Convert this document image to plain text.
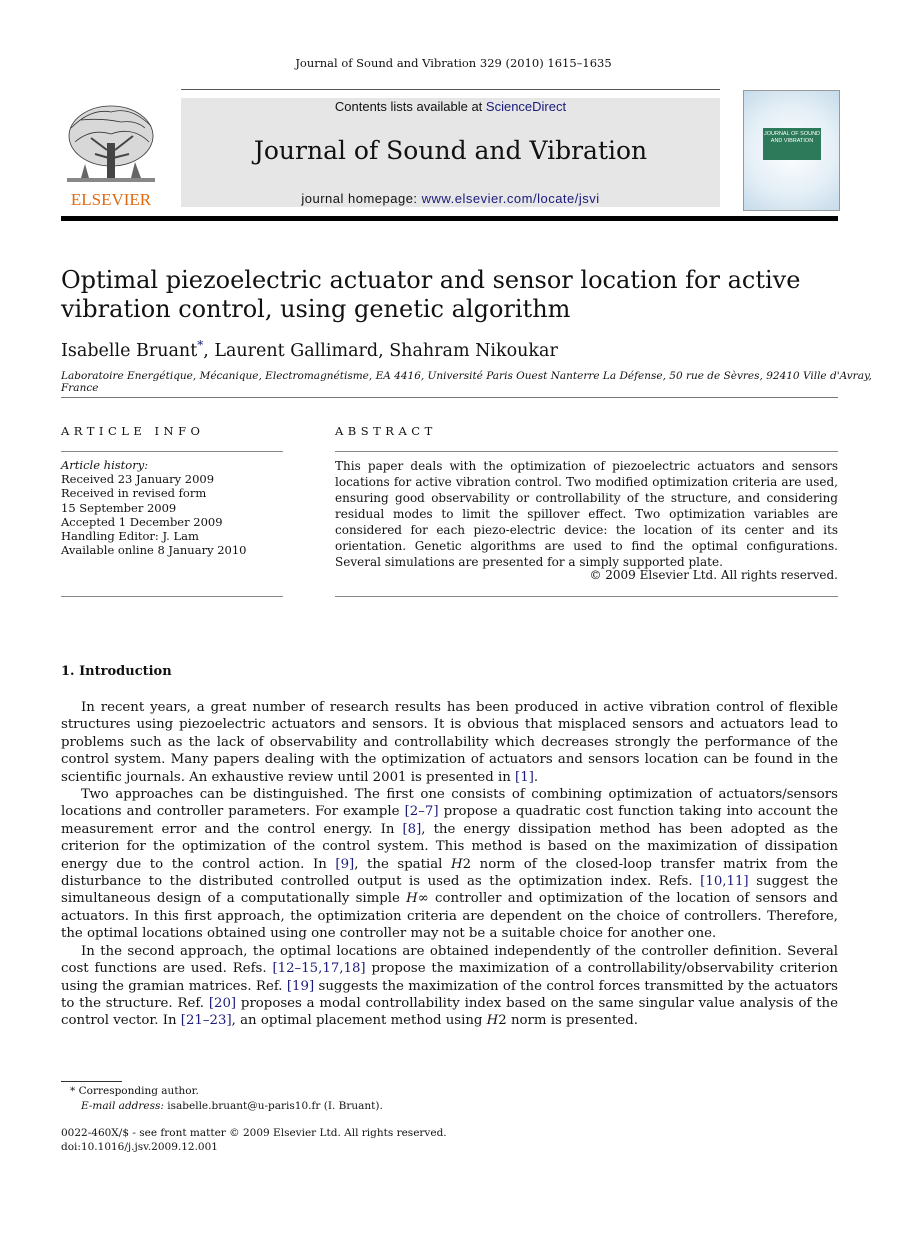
Journal of Sound and Vibration 329 (2010) 1615–1635
ELSEVIER
Contents lists available at ScienceDirect
Journal of Sound and Vibration
journal homepage: www.elsevier.com/locate/jsvi
JOURNAL OF SOUND AND VIBRATION
Optimal piezoelectric actuator and sensor location for active vibration control, using genetic algorithm
Isabelle Bruant*, Laurent Gallimard, Shahram Nikoukar
Laboratoire Energétique, Mécanique, Electromagnétisme, EA 4416, Université Paris Ouest Nanterre La Défense, 50 rue de Sèvres, 92410 Ville d'Avray, France
ARTICLE INFO	ABSTRACT
Article history:
Received 23 January 2009
Received in revised form
15 September 2009
Accepted 1 December 2009
Handling Editor: J. Lam
Available online 8 January 2010
This paper deals with the optimization of piezoelectric actuators and sensors locations for active vibration control. Two modified optimization criteria are used, ensuring good observability or controllability of the structure, and considering residual modes to limit the spillover effect. Two optimization variables are considered for each piezo-electric device: the location of its center and its orientation. Genetic algorithms are used to find the optimal configurations. Several simulations are presented for a simply supported plate.
© 2009 Elsevier Ltd. All rights reserved.
1. Introduction

In recent years, a great number of research results has been produced in active vibration control of flexible structures using piezoelectric actuators and sensors. It is obvious that misplaced sensors and actuators lead to problems such as the lack of observability and controllability which decreases strongly the performance of the control system. Many papers dealing with the optimization of actuators and sensors location can be found in the scientific journals. An exhaustive review until 2001 is presented in [1].

Two approaches can be distinguished. The first one consists of combining optimization of actuators/sensors locations and controller parameters. For example [2–7] propose a quadratic cost function taking into account the measurement error and the control energy. In [8], the energy dissipation method has been adopted as the criterion for the optimization of the control system. This method is based on the maximization of dissipation energy due to the control action. In [9], the spatial H2 norm of the closed-loop transfer matrix from the disturbance to the distributed controlled output is used as the optimization index. Refs. [10,11] suggest the simultaneous design of a computationally simple H∞ controller and optimization of the location of sensors and actuators. In this first approach, the optimization criteria are dependent on the choice of controllers. Therefore, the optimal locations obtained using one controller may not be a suitable choice for another one.

In the second approach, the optimal locations are obtained independently of the controller definition. Several cost functions are used. Refs. [12–15,17,18] propose the maximization of a controllability/observability criterion using the gramian matrices. Ref. [19] suggests the maximization of the control forces transmitted by the actuators to the structure. Ref. [20] proposes a modal controllability index based on the same singular value analysis of the control vector. In [21–23], an optimal placement method using H2 norm is presented.

* Corresponding author.
E-mail address: isabelle.bruant@u-paris10.fr (I. Bruant).
0022-460X/$ - see front matter © 2009 Elsevier Ltd. All rights reserved.
doi:10.1016/j.jsv.2009.12.001
